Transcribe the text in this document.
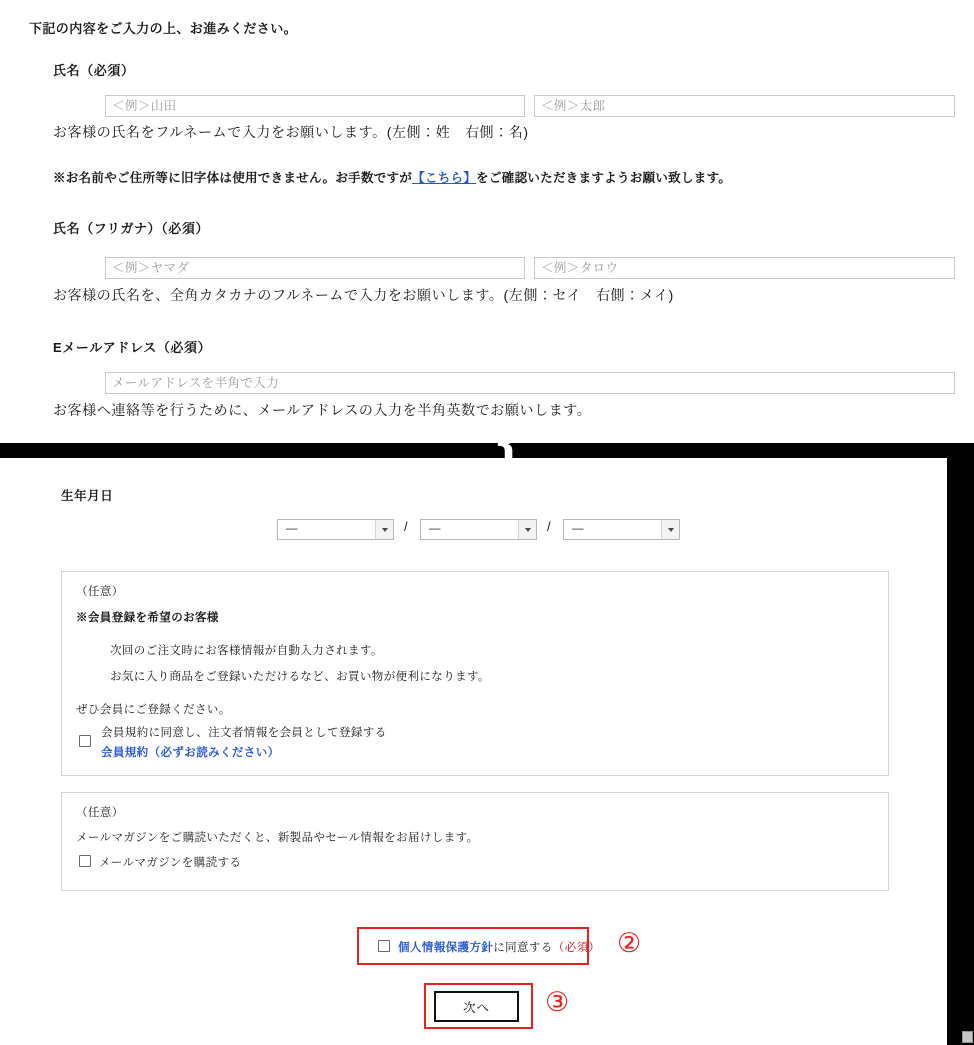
下記の内容をご入力の上、お進みください。
氏名（必須）
＜例＞山田
＜例＞太郎
お客様の氏名をフルネームで入力をお願いします。(左側：姓　右側：名)
※お名前やご住所等に旧字体は使用できません。お手数ですが【こちら】をご確認いただきますようお願い致します。
氏名（フリガナ）（必須）
＜例＞ヤマダ
＜例＞タロウ
お客様の氏名を、全角カタカナのフルネームで入力をお願いします。(左側：セイ　右側：メイ)
Eメールアドレス（必須）
メールアドレスを半角で入力
お客様へ連絡等を行うために、メールアドレスの入力を半角英数でお願いします。
❴
生年月日
—	/	—	/	—
（任意）
※会員登録を希望のお客様
次回のご注文時にお客様情報が自動入力されます。
お気に入り商品をご登録いただけるなど、お買い物が便利になります。
ぜひ会員にご登録ください。
会員規約に同意し、注文者情報を会員として登録する
会員規約（必ずお読みください）
（任意）
メールマガジンをご購読いただくと、新製品やセール情報をお届けします。
メールマガジンを購読する
個人情報保護方針に同意する（必須） ②
次へ	③
